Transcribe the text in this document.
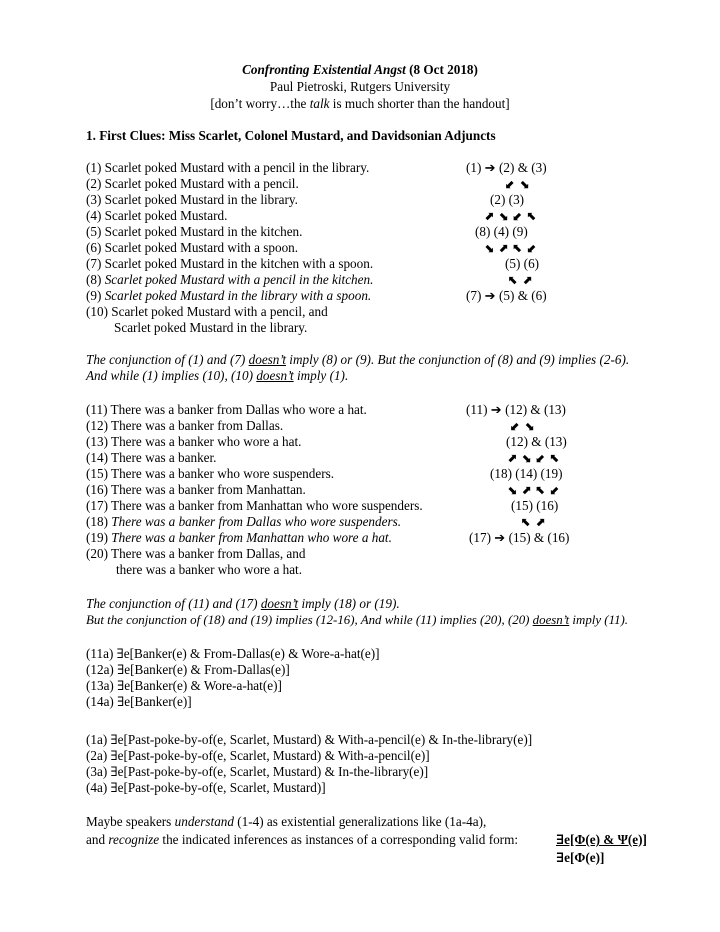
Confronting Existential Angst (8 Oct 2018)
Paul Pietroski, Rutgers University
[don’t worry…the talk is much shorter than the handout]
1. First Clues: Miss Scarlet, Colonel Mustard, and Davidsonian Adjuncts
(1) Scarlet poked Mustard with a pencil in the library.
(2) Scarlet poked Mustard with a pencil.
(3) Scarlet poked Mustard in the library.
(4) Scarlet poked Mustard.
(5) Scarlet poked Mustard in the kitchen.
(6) Scarlet poked Mustard with a spoon.
(7) Scarlet poked Mustard in the kitchen with a spoon.
(8) Scarlet poked Mustard with a pencil in the kitchen.
(9) Scarlet poked Mustard in the library with a spoon.
(10) Scarlet poked Mustard with a pencil, and
Scarlet poked Mustard in the library.
(1) ➔ (2) & (3)
⬋ ⬊
(2) (3)
⬈ ⬊ ⬋ ⬉
(8) (4) (9)
⬊ ⬈ ⬉ ⬋
(5) (6)
⬉ ⬈
(7) ➔ (5) & (6)
The conjunction of (1) and (7) doesn’t imply (8) or (9). But the conjunction of (8) and (9) implies (2-6).
And while (1) implies (10), (10) doesn’t imply (1).
(11) There was a banker from Dallas who wore a hat.
(12) There was a banker from Dallas.
(13) There was a banker who wore a hat.
(14) There was a banker.
(15) There was a banker who wore suspenders.
(16) There was a banker from Manhattan.
(17) There was a banker from Manhattan who wore suspenders.
(18) There was a banker from Dallas who wore suspenders.
(19) There was a banker from Manhattan who wore a hat.
(20) There was a banker from Dallas, and
there was a banker who wore a hat.
(11) ➔ (12) & (13)
⬋ ⬊
(12) & (13)
⬈ ⬊ ⬋ ⬉
(18) (14) (19)
⬊ ⬈ ⬉ ⬋
(15) (16)
⬉ ⬈
(17) ➔ (15) & (16)
The conjunction of (11) and (17) doesn’t imply (18) or (19).
But the conjunction of (18) and (19) implies (12-16), And while (11) implies (20), (20) doesn’t imply (11).
(11a) ∃e[Banker(e) & From-Dallas(e) & Wore-a-hat(e)]
(12a) ∃e[Banker(e) & From-Dallas(e)]
(13a) ∃e[Banker(e) & Wore-a-hat(e)]
(14a) ∃e[Banker(e)]
(1a) ∃e[Past-poke-by-of(e, Scarlet, Mustard) & With-a-pencil(e) & In-the-library(e)]
(2a) ∃e[Past-poke-by-of(e, Scarlet, Mustard) & With-a-pencil(e)]
(3a) ∃e[Past-poke-by-of(e, Scarlet, Mustard) & In-the-library(e)]
(4a) ∃e[Past-poke-by-of(e, Scarlet, Mustard)]
Maybe speakers understand (1-4) as existential generalizations like (1a-4a),
and recognize the indicated inferences as instances of a corresponding valid form:	∃e[Φ(e) & Ψ(e)]
∃e[Φ(e)]
